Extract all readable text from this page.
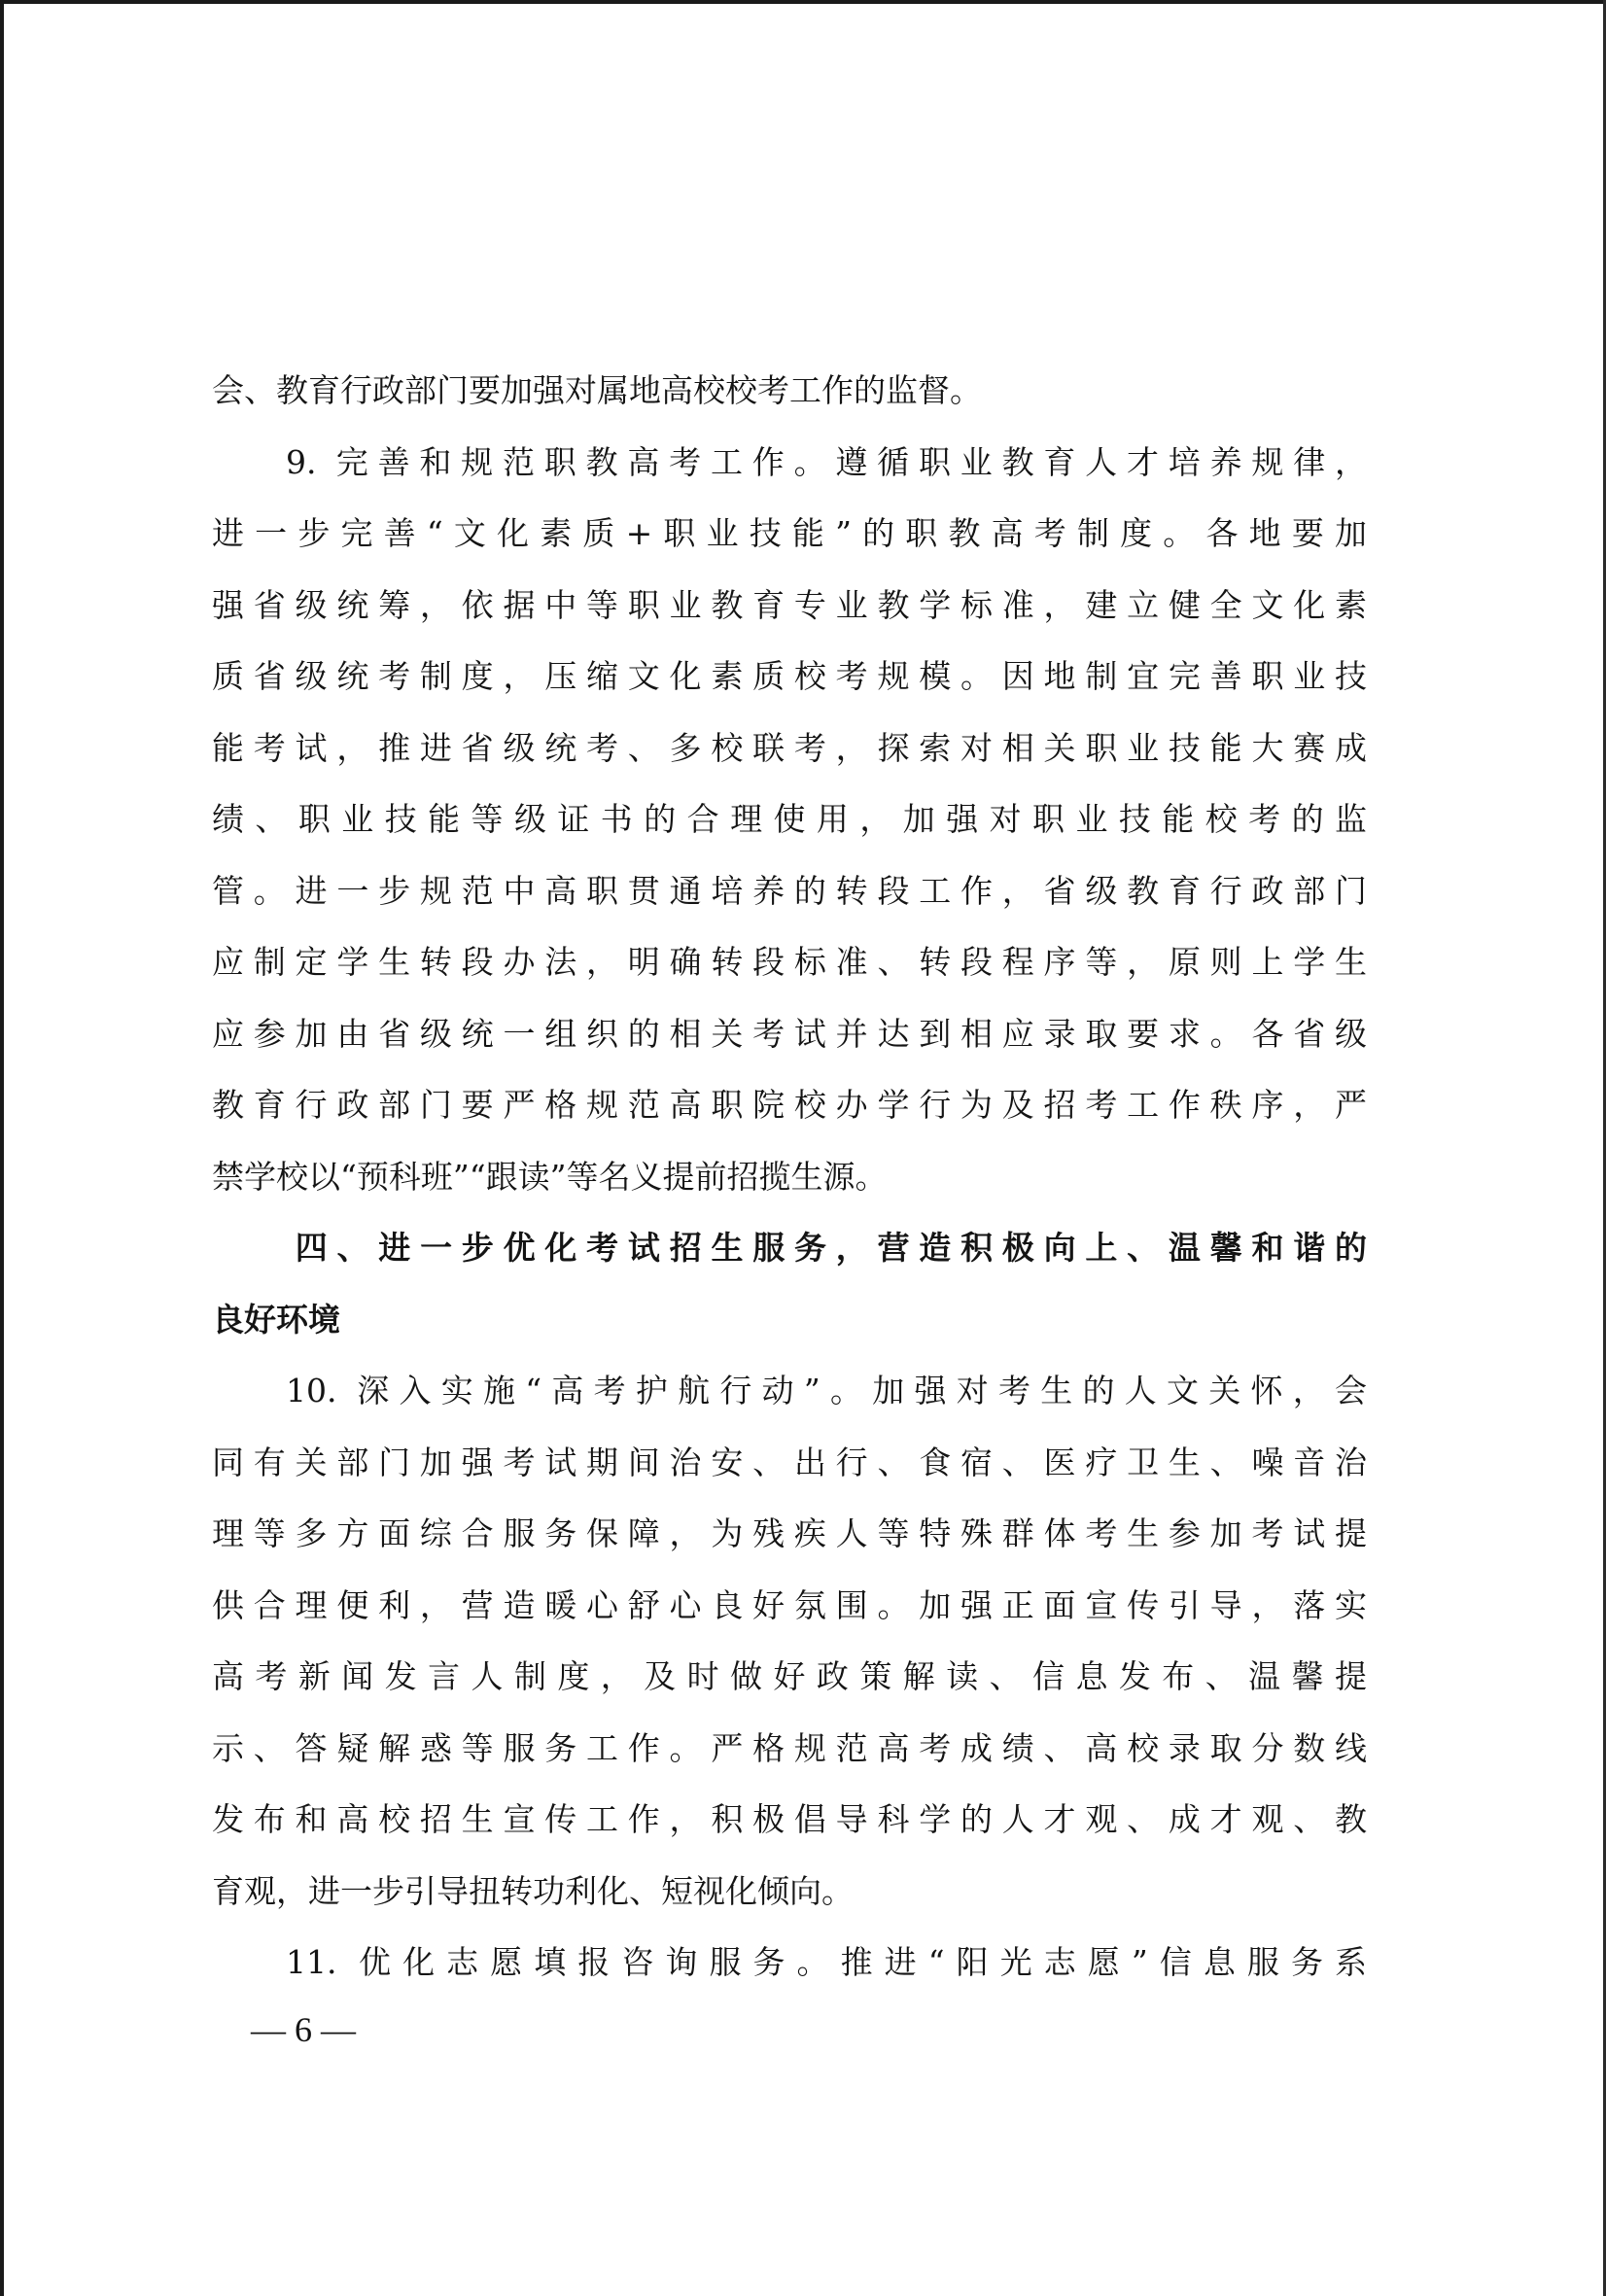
会、教育行政部门要加强对属地高校校考工作的监督。
9. 完善和规范职教高考工作。遵循职业教育人才培养规律，
进一步完善“文化素质+职业技能”的职教高考制度。各地要加
强省级统筹，依据中等职业教育专业教学标准，建立健全文化素
质省级统考制度，压缩文化素质校考规模。因地制宜完善职业技
能考试，推进省级统考、多校联考，探索对相关职业技能大赛成
绩、职业技能等级证书的合理使用，加强对职业技能校考的监
管。进一步规范中高职贯通培养的转段工作，省级教育行政部门
应制定学生转段办法，明确转段标准、转段程序等，原则上学生
应参加由省级统一组织的相关考试并达到相应录取要求。各省级
教育行政部门要严格规范高职院校办学行为及招考工作秩序，严
禁学校以“预科班”“跟读”等名义提前招揽生源。
四、进一步优化考试招生服务，营造积极向上、温馨和谐的
良好环境
10. 深入实施“高考护航行动”。加强对考生的人文关怀，会
同有关部门加强考试期间治安、出行、食宿、医疗卫生、噪音治
理等多方面综合服务保障，为残疾人等特殊群体考生参加考试提
供合理便利，营造暖心舒心良好氛围。加强正面宣传引导，落实
高考新闻发言人制度，及时做好政策解读、信息发布、温馨提
示、答疑解惑等服务工作。严格规范高考成绩、高校录取分数线
发布和高校招生宣传工作，积极倡导科学的人才观、成才观、教
育观，进一步引导扭转功利化、短视化倾向。
11. 优化志愿填报咨询服务。推进“阳光志愿”信息服务系
— 6 —
